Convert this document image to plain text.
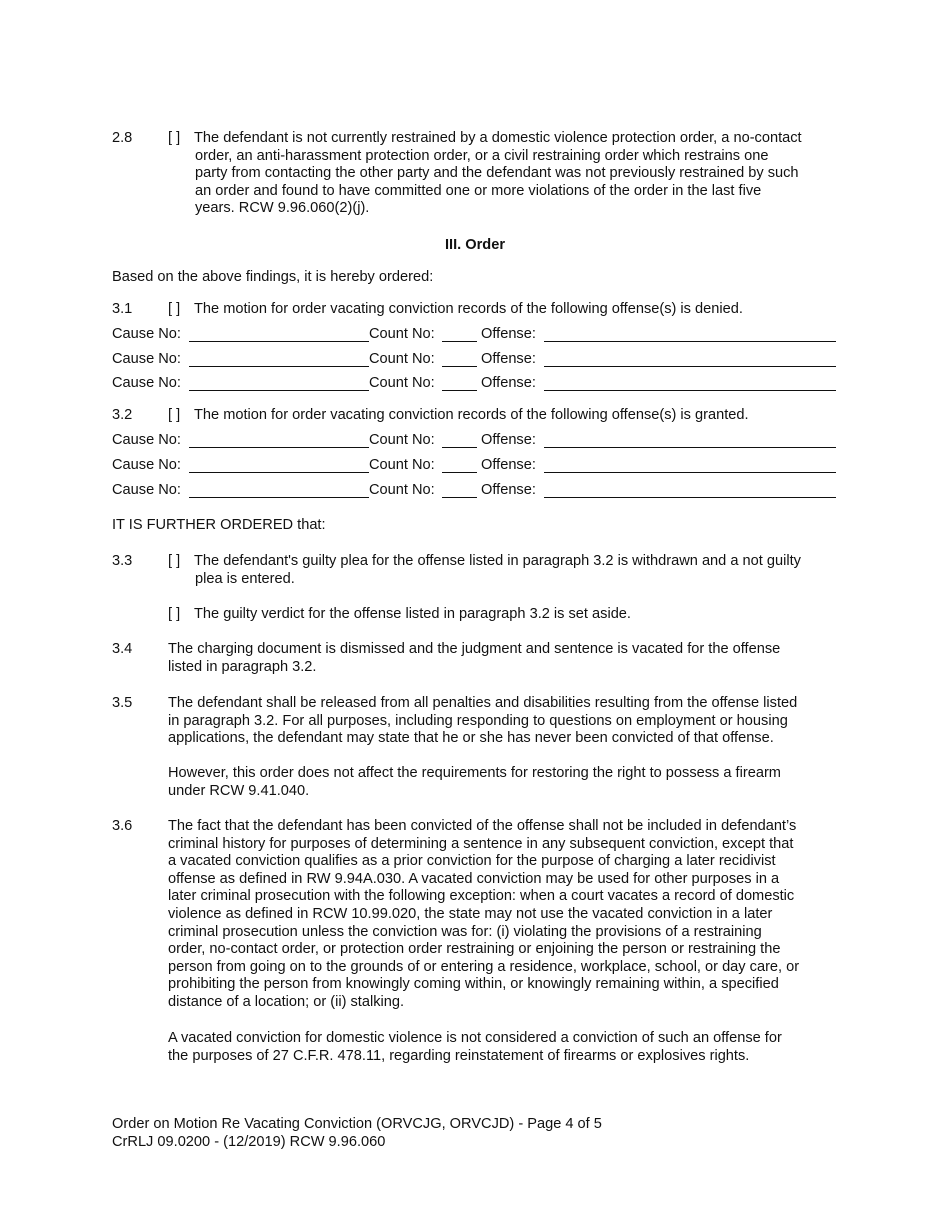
2.8 [ ] The defendant is not currently restrained by a domestic violence protection order, a no-contact
order, an anti-harassment protection order, or a civil restraining order which restrains one
party from contacting the other party and the defendant was not previously restrained by such
an order and found to have committed one or more violations of the order in the last five
years. RCW 9.96.060(2)(j).
III. Order
Based on the above findings, it is hereby ordered:
3.1 [ ] The motion for order vacating conviction records of the following offense(s) is denied.
Cause No:	Count No:	Offense:
Cause No:	Count No:	Offense:
Cause No:	Count No:	Offense:
3.2 [ ] The motion for order vacating conviction records of the following offense(s) is granted.
Cause No:	Count No:	Offense:
Cause No:	Count No:	Offense:
Cause No:	Count No:	Offense:
IT IS FURTHER ORDERED that:
3.3 [ ] The defendant's guilty plea for the offense listed in paragraph 3.2 is withdrawn and a not guilty
plea is entered.
[ ] The guilty verdict for the offense listed in paragraph 3.2 is set aside.
3.4 The charging document is dismissed and the judgment and sentence is vacated for the offense
listed in paragraph 3.2.
3.5 The defendant shall be released from all penalties and disabilities resulting from the offense listed
in paragraph 3.2. For all purposes, including responding to questions on employment or housing
applications, the defendant may state that he or she has never been convicted of that offense.
However, this order does not affect the requirements for restoring the right to possess a firearm
under RCW 9.41.040.
3.6 The fact that the defendant has been convicted of the offense shall not be included in defendant’s
criminal history for purposes of determining a sentence in any subsequent conviction, except that
a vacated conviction qualifies as a prior conviction for the purpose of charging a later recidivist
offense as defined in RW 9.94A.030. A vacated conviction may be used for other purposes in a
later criminal prosecution with the following exception: when a court vacates a record of domestic
violence as defined in RCW 10.99.020, the state may not use the vacated conviction in a later
criminal prosecution unless the conviction was for: (i) violating the provisions of a restraining
order, no-contact order, or protection order restraining or enjoining the person or restraining the
person from going on to the grounds of or entering a residence, workplace, school, or day care, or
prohibiting the person from knowingly coming within, or knowingly remaining within, a specified
distance of a location; or (ii) stalking.
A vacated conviction for domestic violence is not considered a conviction of such an offense for
the purposes of 27 C.F.R. 478.11, regarding reinstatement of firearms or explosives rights.
Order on Motion Re Vacating Conviction (ORVCJG, ORVCJD) - Page 4 of 5
CrRLJ 09.0200 - (12/2019) RCW 9.96.060
